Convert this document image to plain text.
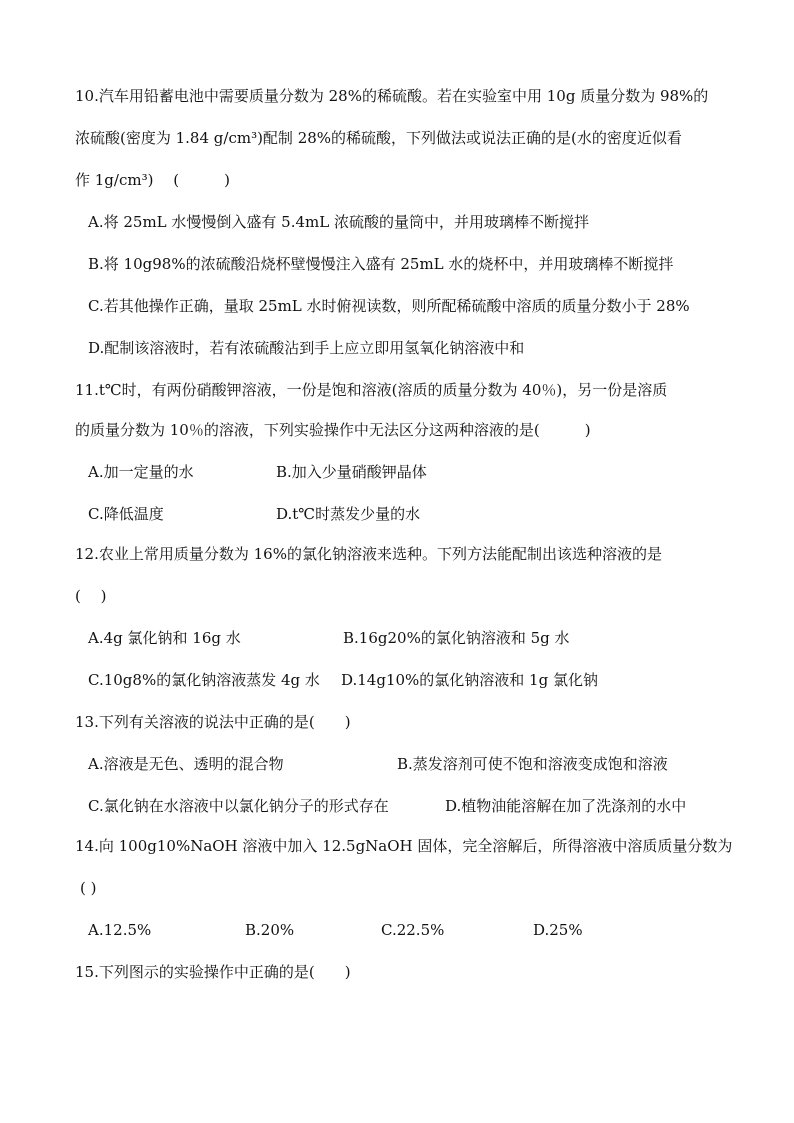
10.汽车用铅蓄电池中需要质量分数为 28%的稀硫酸。若在实验室中用 10g 质量分数为 98%的
浓硫酸(密度为 1.84 g/cm³)配制 28%的稀硫酸，下列做法或说法正确的是(水的密度近似看
作 1g/cm³)　 (　　　)
A.将 25mL 水慢慢倒入盛有 5.4mL 浓硫酸的量筒中，并用玻璃棒不断搅拌
B.将 10g98%的浓硫酸沿烧杯壁慢慢注入盛有 25mL 水的烧杯中，并用玻璃棒不断搅拌
C.若其他操作正确，量取 25mL 水时俯视读数，则所配稀硫酸中溶质的质量分数小于 28%
D.配制该溶液时，若有浓硫酸沾到手上应立即用氢氧化钠溶液中和
11.t℃时，有两份硝酸钾溶液，一份是饱和溶液(溶质的质量分数为 40％)，另一份是溶质
的质量分数为 10％的溶液，下列实验操作中无法区分这两种溶液的是(　　　)
A.加一定量的水	B.加入少量硝酸钾晶体
C.降低温度	D.t℃时蒸发少量的水
12.农业上常用质量分数为 16%的氯化钠溶液来选种。下列方法能配制出该选种溶液的是
(　 )
A.4g 氯化钠和 16g 水	B.16g20%的氯化钠溶液和 5g 水
C.10g8%的氯化钠溶液蒸发 4g 水 D.14g10%的氯化钠溶液和 1g 氯化钠
13.下列有关溶液的说法中正确的是(　　)
A.溶液是无色、透明的混合物	B.蒸发溶剂可使不饱和溶液变成饱和溶液
C.氯化钠在水溶液中以氯化钠分子的形式存在	D.植物油能溶解在加了洗涤剂的水中
14.向 100g10%NaOH 溶液中加入 12.5gNaOH 固体，完全溶解后，所得溶液中溶质质量分数为
( )
A.12.5%	B.20%	C.22.5%	D.25%
15.下列图示的实验操作中正确的是(　　)
